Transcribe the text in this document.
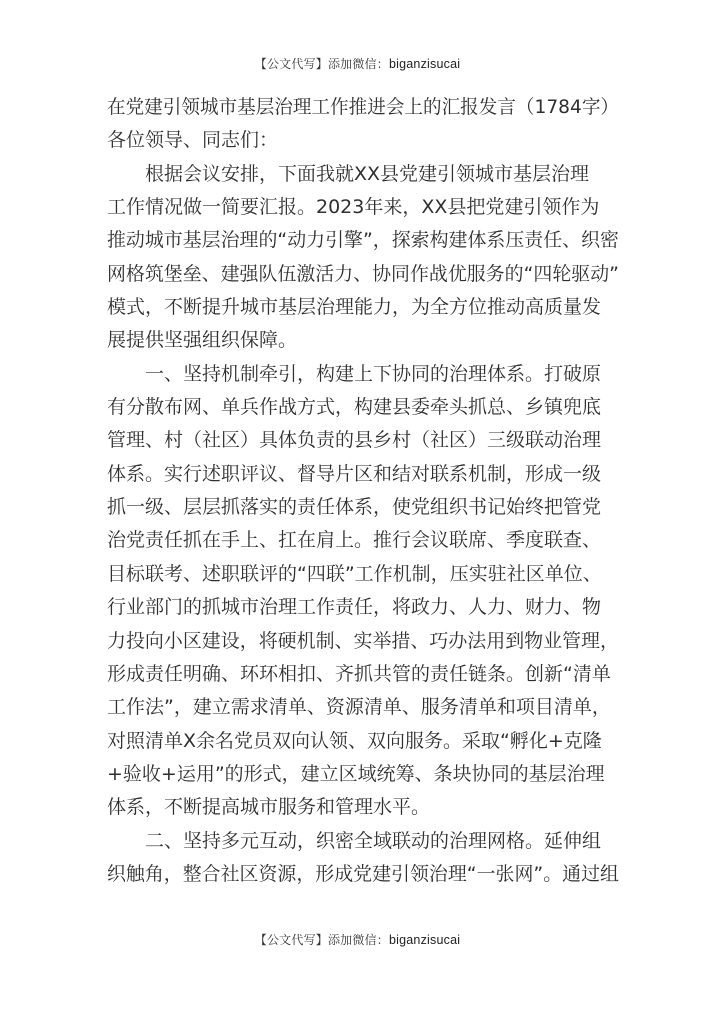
【公文代写】添加微信：biganzisucai
在党建引领城市基层治理工作推进会上的汇报发言（1784字）
各位领导、同志们：
根据会议安排，下面我就XX县党建引领城市基层治理
工作情况做一简要汇报。2023年来，XX县把党建引领作为
推动城市基层治理的“动力引擎”，探索构建体系压责任、织密
网格筑堡垒、建强队伍激活力、协同作战优服务的“四轮驱动”
模式，不断提升城市基层治理能力，为全方位推动高质量发
展提供坚强组织保障。
一、坚持机制牵引，构建上下协同的治理体系。打破原
有分散布网、单兵作战方式，构建县委牵头抓总、乡镇兜底
管理、村（社区）具体负责的县乡村（社区）三级联动治理
体系。实行述职评议、督导片区和结对联系机制，形成一级
抓一级、层层抓落实的责任体系，使党组织书记始终把管党
治党责任抓在手上、扛在肩上。推行会议联席、季度联查、
目标联考、述职联评的“四联”工作机制，压实驻社区单位、
行业部门的抓城市治理工作责任，将政力、人力、财力、物
力投向小区建设，将硬机制、实举措、巧办法用到物业管理，
形成责任明确、环环相扣、齐抓共管的责任链条。创新“清单
工作法”，建立需求清单、资源清单、服务清单和项目清单，
对照清单X余名党员双向认领、双向服务。采取“孵化+克隆
+验收+运用”的形式，建立区域统筹、条块协同的基层治理
体系，不断提高城市服务和管理水平。
二、坚持多元互动，织密全域联动的治理网格。延伸组
织触角，整合社区资源，形成党建引领治理“一张网”。通过组
【公文代写】添加微信：biganzisucai
